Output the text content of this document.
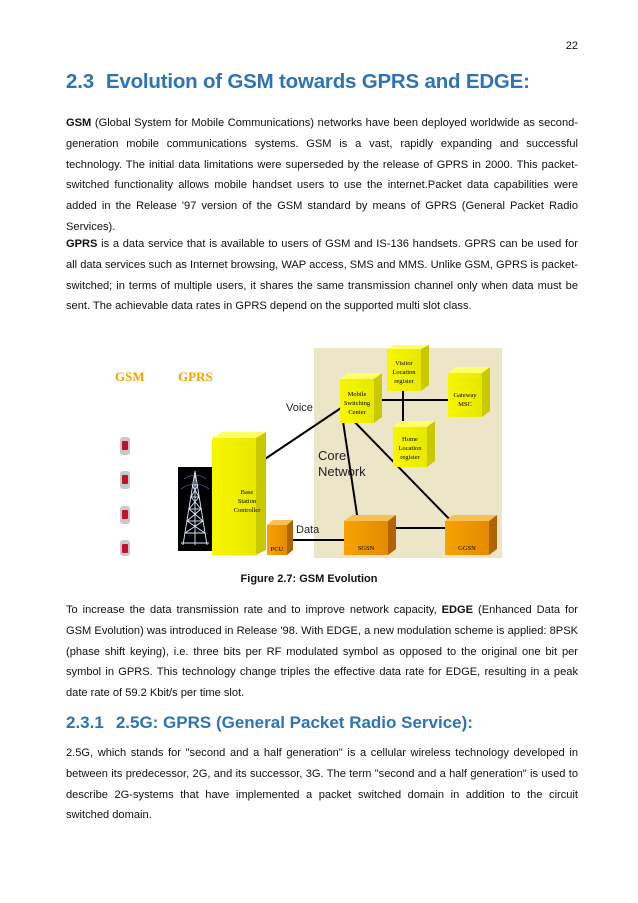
22
2.3 Evolution of GSM towards GPRS and EDGE:

GSM (Global System for Mobile Communications) networks have been deployed worldwide as second-generation mobile communications systems. GSM is a vast, rapidly expanding and successful technology. The initial data limitations were superseded by the release of GPRS in 2000. This packet-switched functionality allows mobile handset users to use the internet.Packet data capabilities were added in the Release '97 version of the GSM standard by means of GPRS (General Packet Radio Services).

GPRS is a data service that is available to users of GSM and IS-136 handsets. GPRS can be used for all data services such as Internet browsing, WAP access, SMS and MMS. Unlike GSM, GPRS is packet-switched; in terms of multiple users, it shares the same transmission channel only when data must be sent. The achievable data rates in GPRS depend on the supported multi slot class.

GSM	GPRS
Mobile
Switching
Center
Visitor
Location
register
Gateway
MSC
Home
Location
register
Core
Network
Voice
Data
Base
Station
Controller
PCU	SGSN	GGSN
Figure 2.7: GSM Evolution

To increase the data transmission rate and to improve network capacity, EDGE (Enhanced Data for GSM Evolution) was introduced in Release '98. With EDGE, a new modulation scheme is applied: 8PSK (phase shift keying), i.e. three bits per RF modulated symbol as opposed to the original one bit per symbol in GPRS. This technology change triples the effective data rate for EDGE, resulting in a peak date rate of 59.2 Kbit/s per time slot.

2.3.1 2.5G: GPRS (General Packet Radio Service):

2.5G, which stands for "second and a half generation" is a cellular wireless technology developed in between its predecessor, 2G, and its successor, 3G. The term "second and a half generation" is used to describe 2G-systems that have implemented a packet switched domain in addition to the circuit switched domain.
